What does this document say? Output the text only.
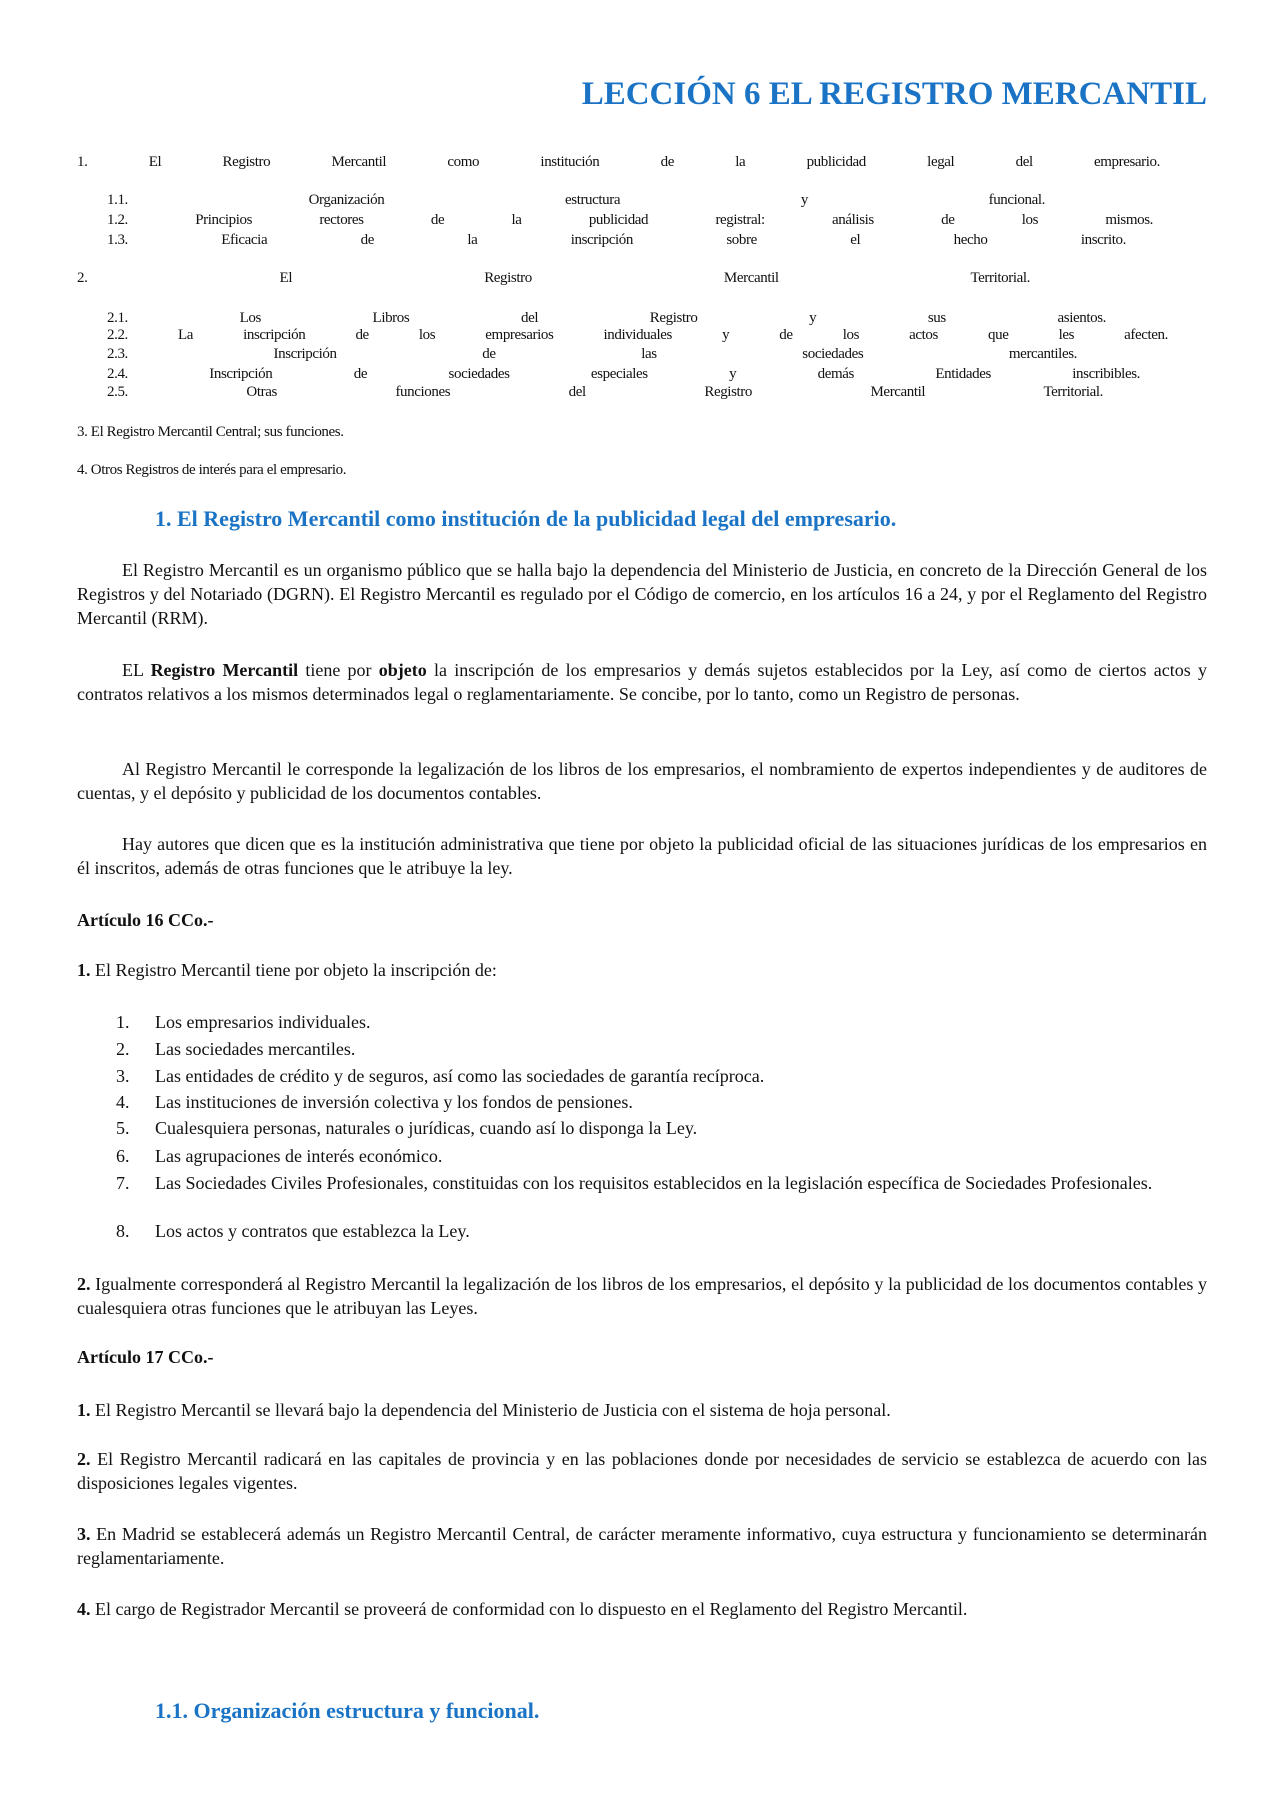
LECCIÓN 6 EL REGISTRO MERCANTIL
1. El Registro Mercantil como institución de la publicidad legal del empresario.
1.1. Organización estructura y funcional.
1.2. Principios rectores de la publicidad registral: análisis de los mismos.
1.3. Eficacia de la inscripción sobre el hecho inscrito.
2. El Registro Mercantil Territorial.
2.1. Los Libros del Registro y sus asientos.
2.2. La inscripción de los empresarios individuales y de los actos que les afecten.
2.3. Inscripción de las sociedades mercantiles.
2.4. Inscripción de sociedades especiales y demás Entidades inscribibles.
2.5. Otras funciones del Registro Mercantil Territorial.
3. El Registro Mercantil Central; sus funciones.
4. Otros Registros de interés para el empresario.
1. El Registro Mercantil como institución de la publicidad legal del empresario.
El Registro Mercantil es un organismo público que se halla bajo la dependencia del Ministerio de Justicia, en concreto de la Dirección General de los Registros y del Notariado (DGRN). El Registro Mercantil es regulado por el Código de comercio, en los artículos 16 a 24, y por el Reglamento del Registro Mercantil (RRM).
EL Registro Mercantil tiene por objeto la inscripción de los empresarios y demás sujetos establecidos por la Ley, así como de ciertos actos y contratos relativos a los mismos determinados legal o reglamentariamente. Se concibe, por lo tanto, como un Registro de personas.
Al Registro Mercantil le corresponde la legalización de los libros de los empresarios, el nombramiento de expertos independientes y de auditores de cuentas, y el depósito y publicidad de los documentos contables.
Hay autores que dicen que es la institución administrativa que tiene por objeto la publicidad oficial de las situaciones jurídicas de los empresarios en él inscritos, además de otras funciones que le atribuye la ley.
Artículo 16 CCo.-
1. El Registro Mercantil tiene por objeto la inscripción de:
1.	Los empresarios individuales.
2.	Las sociedades mercantiles.
3.	Las entidades de crédito y de seguros, así como las sociedades de garantía recíproca.
4.	Las instituciones de inversión colectiva y los fondos de pensiones.
5.	Cualesquiera personas, naturales o jurídicas, cuando así lo disponga la Ley.
6.	Las agrupaciones de interés económico.
7.	Las Sociedades Civiles Profesionales, constituidas con los requisitos establecidos en la legislación específica de Sociedades Profesionales.
8.	Los actos y contratos que establezca la Ley.
2. Igualmente corresponderá al Registro Mercantil la legalización de los libros de los empresarios, el depósito y la publicidad de los documentos contables y cualesquiera otras funciones que le atribuyan las Leyes.
Artículo 17 CCo.-
1. El Registro Mercantil se llevará bajo la dependencia del Ministerio de Justicia con el sistema de hoja personal.
2. El Registro Mercantil radicará en las capitales de provincia y en las poblaciones donde por necesidades de servicio se establezca de acuerdo con las disposiciones legales vigentes.
3. En Madrid se establecerá además un Registro Mercantil Central, de carácter meramente informativo, cuya estructura y funcionamiento se determinarán reglamentariamente.
4. El cargo de Registrador Mercantil se proveerá de conformidad con lo dispuesto en el Reglamento del Registro Mercantil.
1.1. Organización estructura y funcional.
